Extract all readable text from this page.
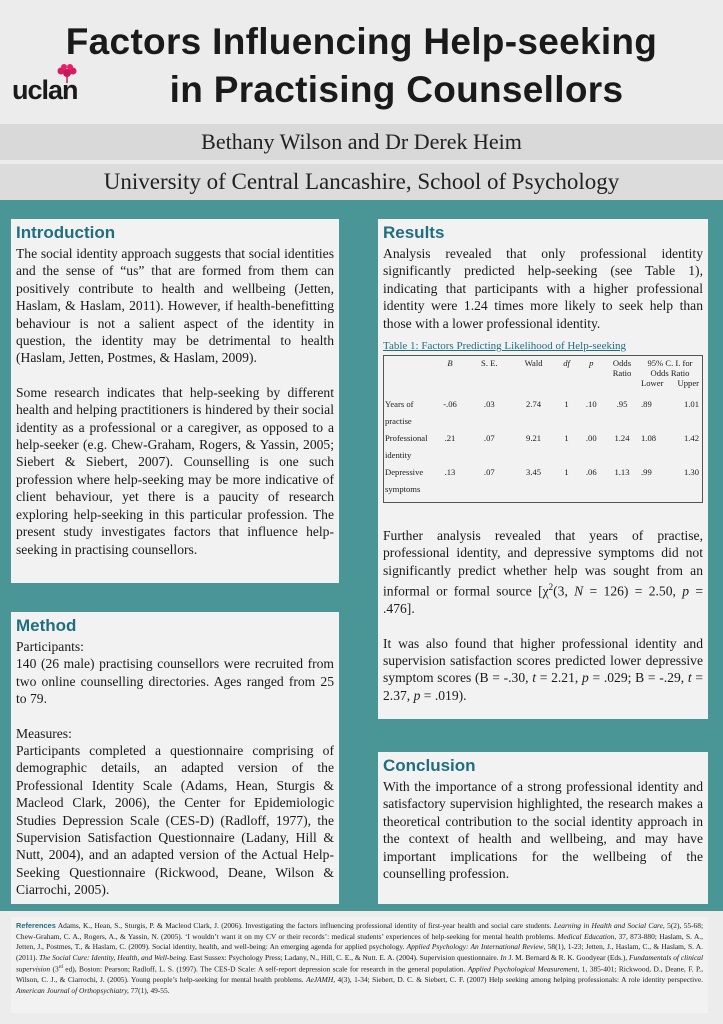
Factors Influencing Help-seeking
in Practising Counsellors
uclan
Bethany Wilson and Dr Derek Heim
University of Central Lancashire, School of Psychology
Introduction

The social identity approach suggests that social identities and the sense of “us” that are formed from them can positively contribute to health and wellbeing (Jetten, Haslam, & Haslam, 2011). However, if health-benefitting behaviour is not a salient aspect of the identity in question, the identity may be detrimental to health (Haslam, Jetten, Postmes, & Haslam, 2009).

Some research indicates that help-seeking by different health and helping practitioners is hindered by their social identity as a professional or a caregiver, as opposed to a help-seeker (e.g. Chew-Graham, Rogers, & Yassin, 2005; Siebert & Siebert, 2007). Counselling is one such profession where help-seeking may be more indicative of client behaviour, yet there is a paucity of research exploring help-seeking in this particular profession. The present study investigates factors that influence help-seeking in practising counsellors.

Method

Participants:

140 (26 male) practising counsellors were recruited from two online counselling directories. Ages ranged from 25 to 79.

Measures:

Participants completed a questionnaire comprising of demographic details, an adapted version of the Professional Identity Scale (Adams, Hean, Sturgis & Macleod Clark, 2006), the Center for Epidemiologic Studies Depression Scale (CES-D) (Radloff, 1977), the Supervision Satisfaction Questionnaire (Ladany, Hill & Nutt, 2004), and an adapted version of the Actual Help-Seeking Questionnaire (Rickwood, Deane, Wilson & Ciarrochi, 2005).

Results

Analysis revealed that only professional identity significantly predicted help-seeking (see Table 1), indicating that participants with a higher professional identity were 1.24 times more likely to seek help than those with a lower professional identity.

Table 1: Factors Predicting Likelihood of Help-seeking
	B	S. E.	Wald	df	p	Odds Ratio	95% C. I. for Odds Ratio
Lower Upper

Years of
practise	-.06	.03	2.74	1	.10	.95	.89 1.01

Professional
identity	.21	.07	9.21	1	.00	1.24	1.08 1.42

Depressive
symptoms	.13	.07	3.45	1	.06	1.13	.99 1.30

Further analysis revealed that years of practise, professional identity, and depressive symptoms did not significantly predict whether help was sought from an informal or formal source [$\chi^2(3$, N = 126) = 2.50, p = .476].

It was also found that higher professional identity and supervision satisfaction scores predicted lower depressive symptom scores (B = -.30, t = 2.21, p = .029; B = -.29, t = 2.37, p = .019).

Conclusion

With the importance of a strong professional identity and satisfactory supervision highlighted, the research makes a theoretical contribution to the social identity approach in the context of health and wellbeing, and may have important implications for the wellbeing of the counselling profession.

References Adams, K., Hean, S., Sturgis, P. & Macleod Clark, J. (2006). Investigating the factors influencing professional identity of first-year health and social care students. Learning in Health and Social Care, 5(2), 55-68; Chew-Graham, C. A., Rogers, A., & Yassin, N. (2005). ‘I wouldn’t want it on my CV or their records’: medical students’ experiences of help-seeking for mental health problems. Medical Education, 37, 873-880; Haslam, S. A., Jetten, J., Postmes, T., & Haslam, C. (2009). Social identity, health, and well-being: An emerging agenda for applied psychology. Applied Psychology: An International Review, 58(1), 1-23; Jetten, J., Haslam, C., & Haslam, S. A. (2011). The Social Cure: Identity, Health, and Well-being. East Sussex: Psychology Press; Ladany, N., Hill, C. E., & Nutt. E. A. (2004). Supervision questionnaire. In J. M. Bernard & R. K. Goodyear (Eds.), Fundamentals of clinical supervision (3rd ed), Boston: Pearson; Radloff, L. S. (1997). The CES-D Scale: A self-report depression scale for research in the general population. Applied Psychological Measurement, 1, 385-401; Rickwood, D., Deane, F. P., Wilson, C. J., & Ciarrochi, J. (2005). Young people’s help-seeking for mental health problems. AeJAMH, 4(3), 1-34; Siebert, D. C. & Siebert, C. F. (2007) Help seeking among helping professionals: A role identity perspective. American Journal of Orthopsychiatry, 77(1), 49-55.
